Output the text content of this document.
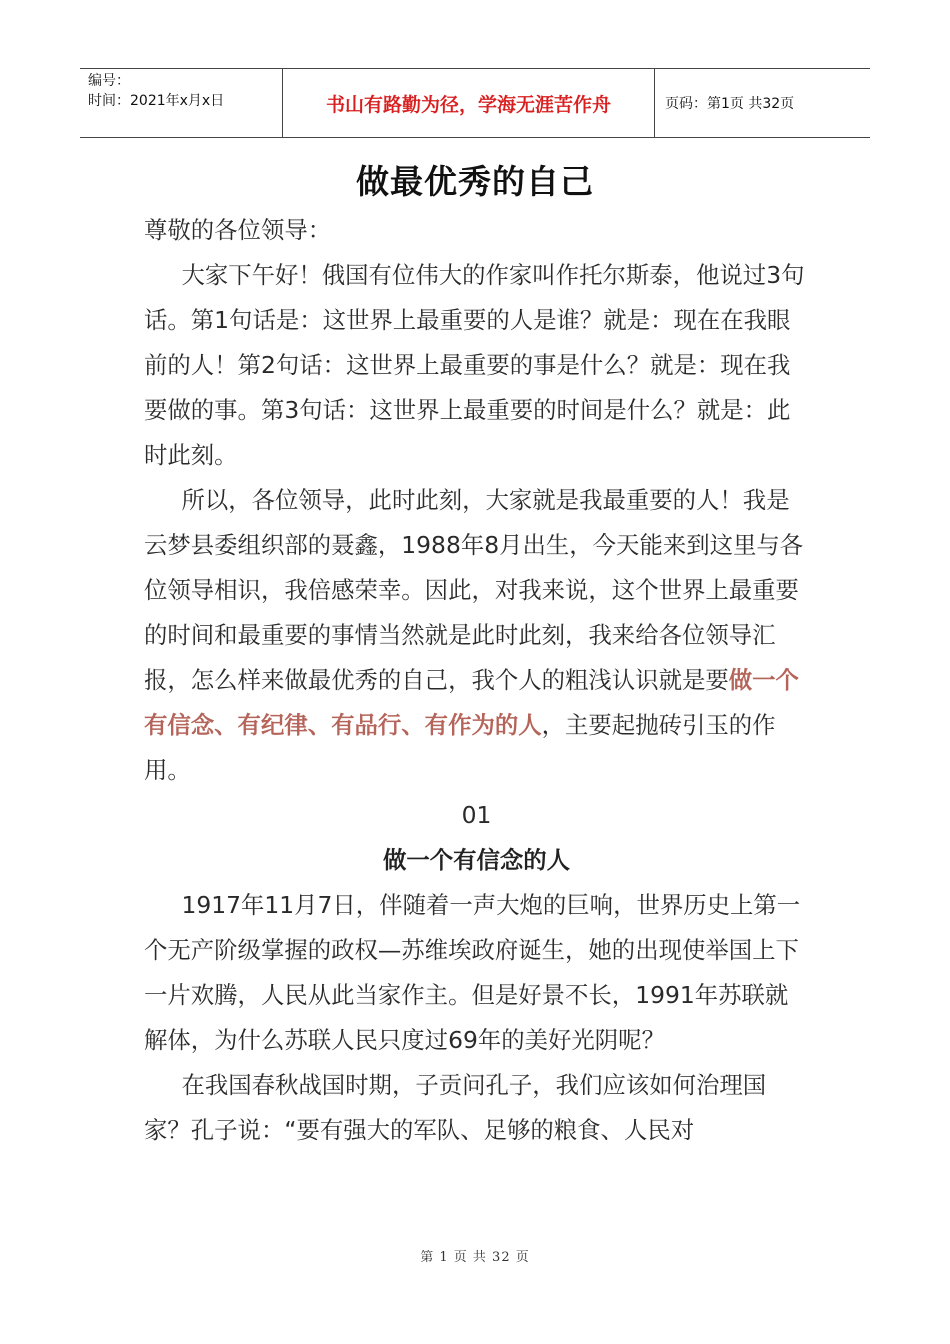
编号：
时间：2021年x月x日	书山有路勤为径，学海无涯苦作舟	页码：第1页 共32页
做最优秀的自己

尊敬的各位领导：

大家下午好！俄国有位伟大的作家叫作托尔斯泰，他说过3句话。第1句话是：这世界上最重要的人是谁？就是：现在在我眼前的人！第2句话：这世界上最重要的事是什么？就是：现在我要做的事。第3句话：这世界上最重要的时间是什么？就是：此时此刻。

所以，各位领导，此时此刻，大家就是我最重要的人！我是云梦县委组织部的聂鑫，1988年8月出生，今天能来到这里与各位领导相识，我倍感荣幸。因此，对我来说，这个世界上最重要的时间和最重要的事情当然就是此时此刻，我来给各位领导汇报，怎么样来做最优秀的自己，我个人的粗浅认识就是要做一个有信念、有纪律、有品行、有作为的人，主要起抛砖引玉的作用。

01

做一个有信念的人

1917年11月7日，伴随着一声大炮的巨响，世界历史上第一个无产阶级掌握的政权—苏维埃政府诞生，她的出现使举国上下一片欢腾，人民从此当家作主。但是好景不长，1991年苏联就解体，为什么苏联人民只度过69年的美好光阴呢？

在我国春秋战国时期，子贡问孔子，我们应该如何治理国家？孔子说：“要有强大的军队、足够的粮食、人民对

第 1 页 共 32 页
